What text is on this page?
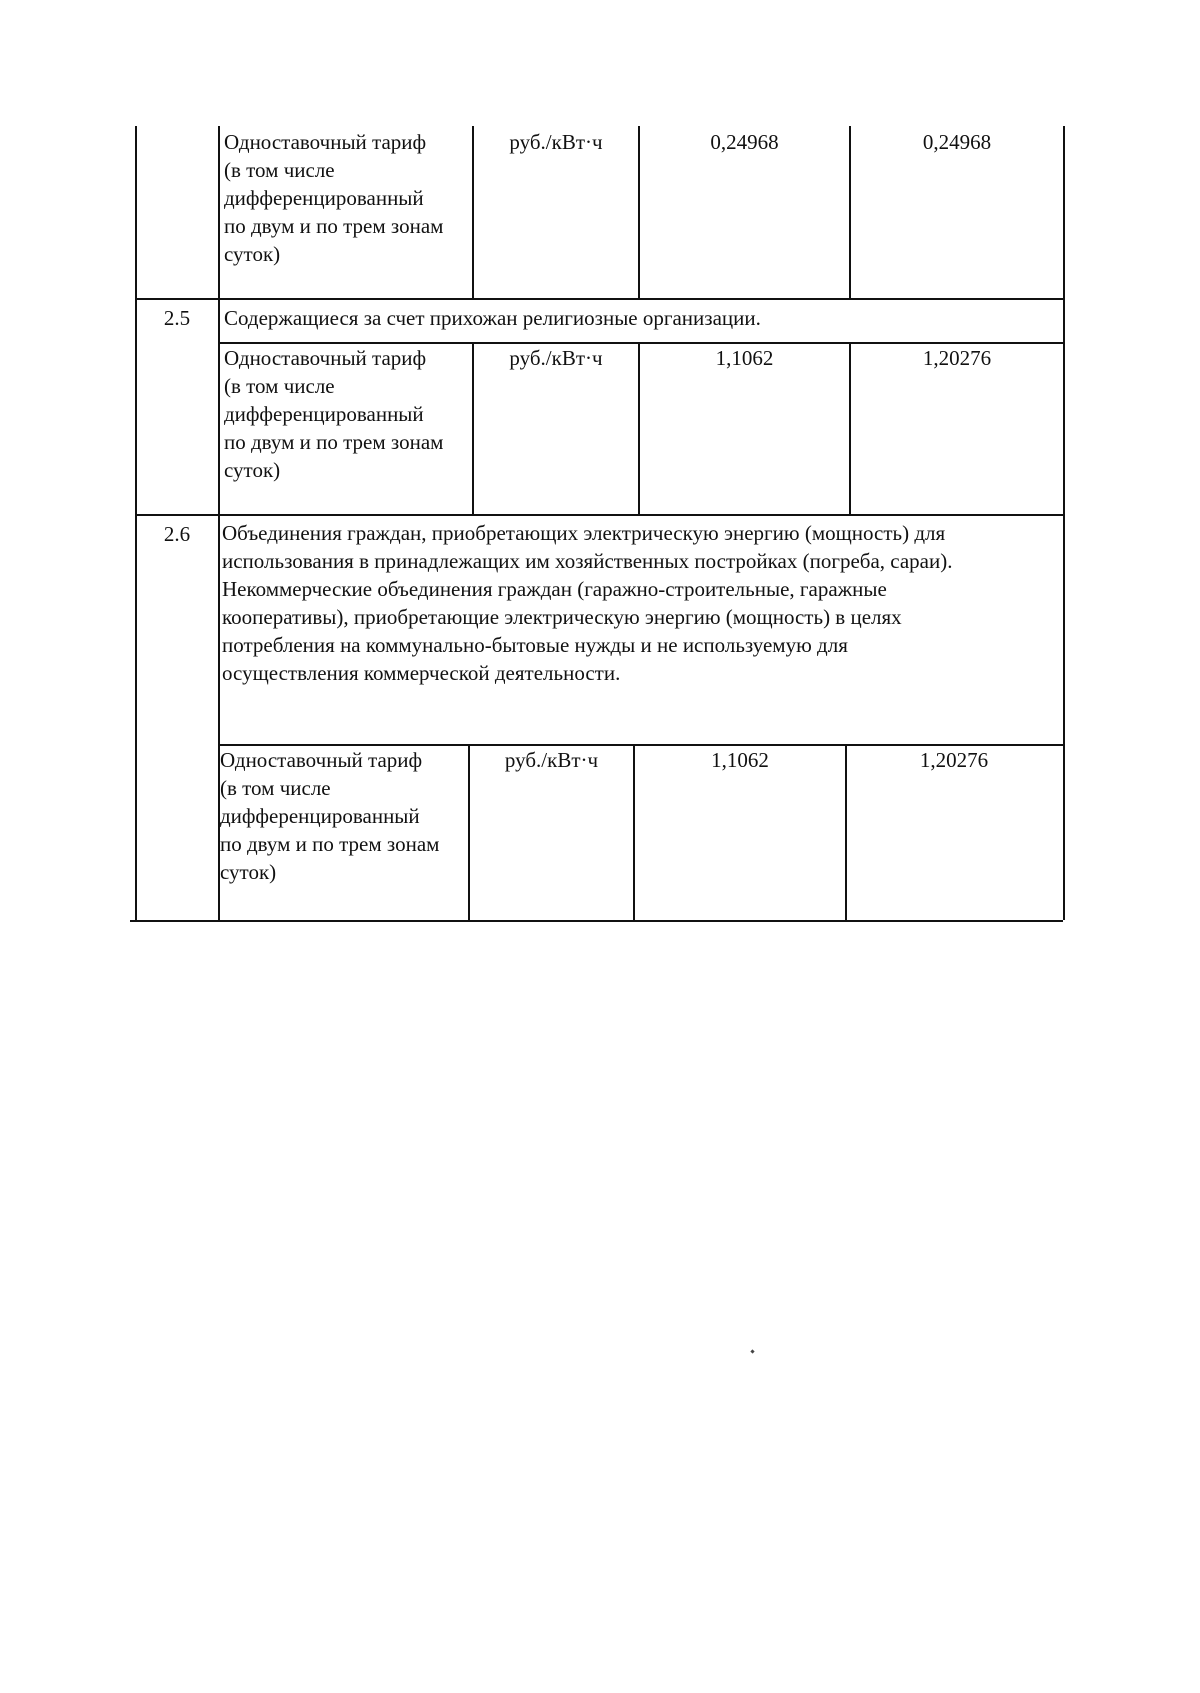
Одноставочный тариф
(в том числе
дифференцированный
по двум и по трем зонам
суток)
руб./кВт·ч	0,24968	0,24968
2.5	Содержащиеся за счет прихожан религиозные организации.
Одноставочный тариф
(в том числе
дифференцированный
по двум и по трем зонам
суток)
руб./кВт·ч	1,1062	1,20276
2.6	Объединения граждан, приобретающих электрическую энергию (мощность) для
использования в принадлежащих им хозяйственных постройках (погреба, сараи).
Некоммерческие объединения граждан (гаражно-строительные, гаражные
кооперативы), приобретающие электрическую энергию (мощность) в целях
потребления на коммунально-бытовые нужды и не используемую для
осуществления коммерческой деятельности.
Одноставочный тариф
(в том числе
дифференцированный
по двум и по трем зонам
суток)
руб./кВт·ч	1,1062	1,20276
